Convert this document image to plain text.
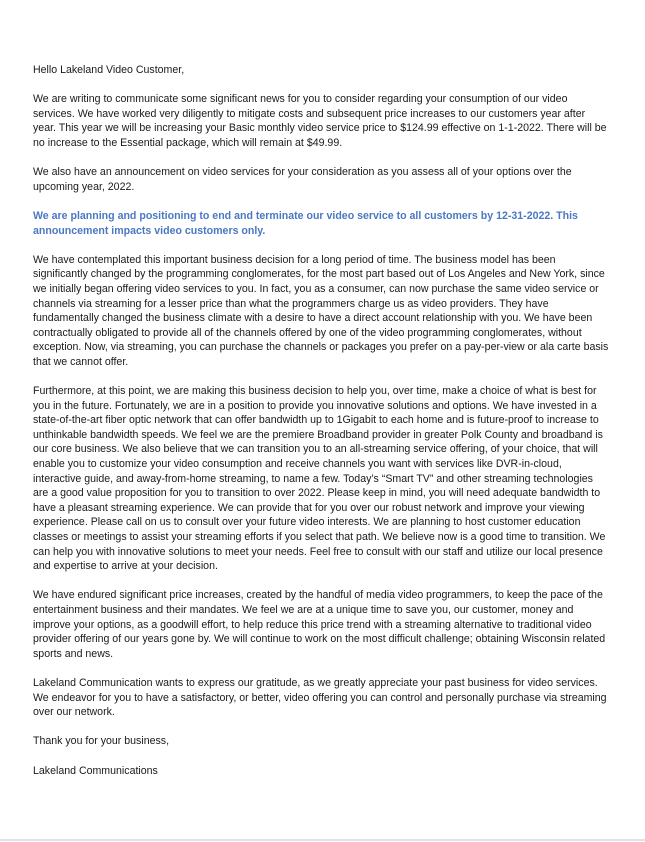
Hello Lakeland Video Customer,

We are writing to communicate some significant news for you to consider regarding your consumption of our video services. We have worked very diligently to mitigate costs and subsequent price increases to our customers year after year. This year we will be increasing your Basic monthly video service price to $124.99 effective on 1-1-2022. There will be no increase to the Essential package, which will remain at $49.99.

We also have an announcement on video services for your consideration as you assess all of your options over the upcoming year, 2022.

We are planning and positioning to end and terminate our video service to all customers by 12-31-2022. This announcement impacts video customers only.

We have contemplated this important business decision for a long period of time. The business model has been significantly changed by the programming conglomerates, for the most part based out of Los Angeles and New York, since we initially began offering video services to you. In fact, you as a consumer, can now purchase the same video service or channels via streaming for a lesser price than what the programmers charge us as video providers. They have fundamentally changed the business climate with a desire to have a direct account relationship with you. We have been contractually obligated to provide all of the channels offered by one of the video programming conglomerates, without exception. Now, via streaming, you can purchase the channels or packages you prefer on a pay-per-view or ala carte basis that we cannot offer.

Furthermore, at this point, we are making this business decision to help you, over time, make a choice of what is best for you in the future. Fortunately, we are in a position to provide you innovative solutions and options. We have invested in a state-of-the-art fiber optic network that can offer bandwidth up to 1Gigabit to each home and is future-proof to increase to unthinkable bandwidth speeds. We feel we are the premiere Broadband provider in greater Polk County and broadband is our core business. We also believe that we can transition you to an all-streaming service offering, of your choice, that will enable you to customize your video consumption and receive channels you want with services like DVR-in-cloud, interactive guide, and away-from-home streaming, to name a few. Today’s “Smart TV” and other streaming technologies are a good value proposition for you to transition to over 2022. Please keep in mind, you will need adequate bandwidth to have a pleasant streaming experience. We can provide that for you over our robust network and improve your viewing experience. Please call on us to consult over your future video interests. We are planning to host customer education classes or meetings to assist your streaming efforts if you select that path. We believe now is a good time to transition. We can help you with innovative solutions to meet your needs. Feel free to consult with our staff and utilize our local presence and expertise to arrive at your decision.

We have endured significant price increases, created by the handful of media video programmers, to keep the pace of the entertainment business and their mandates. We feel we are at a unique time to save you, our customer, money and improve your options, as a goodwill effort, to help reduce this price trend with a streaming alternative to traditional video provider offering of our years gone by. We will continue to work on the most difficult challenge; obtaining Wisconsin related sports and news.

Lakeland Communication wants to express our gratitude, as we greatly appreciate your past business for video services. We endeavor for you to have a satisfactory, or better, video offering you can control and personally purchase via streaming over our network.

Thank you for your business,

Lakeland Communications
